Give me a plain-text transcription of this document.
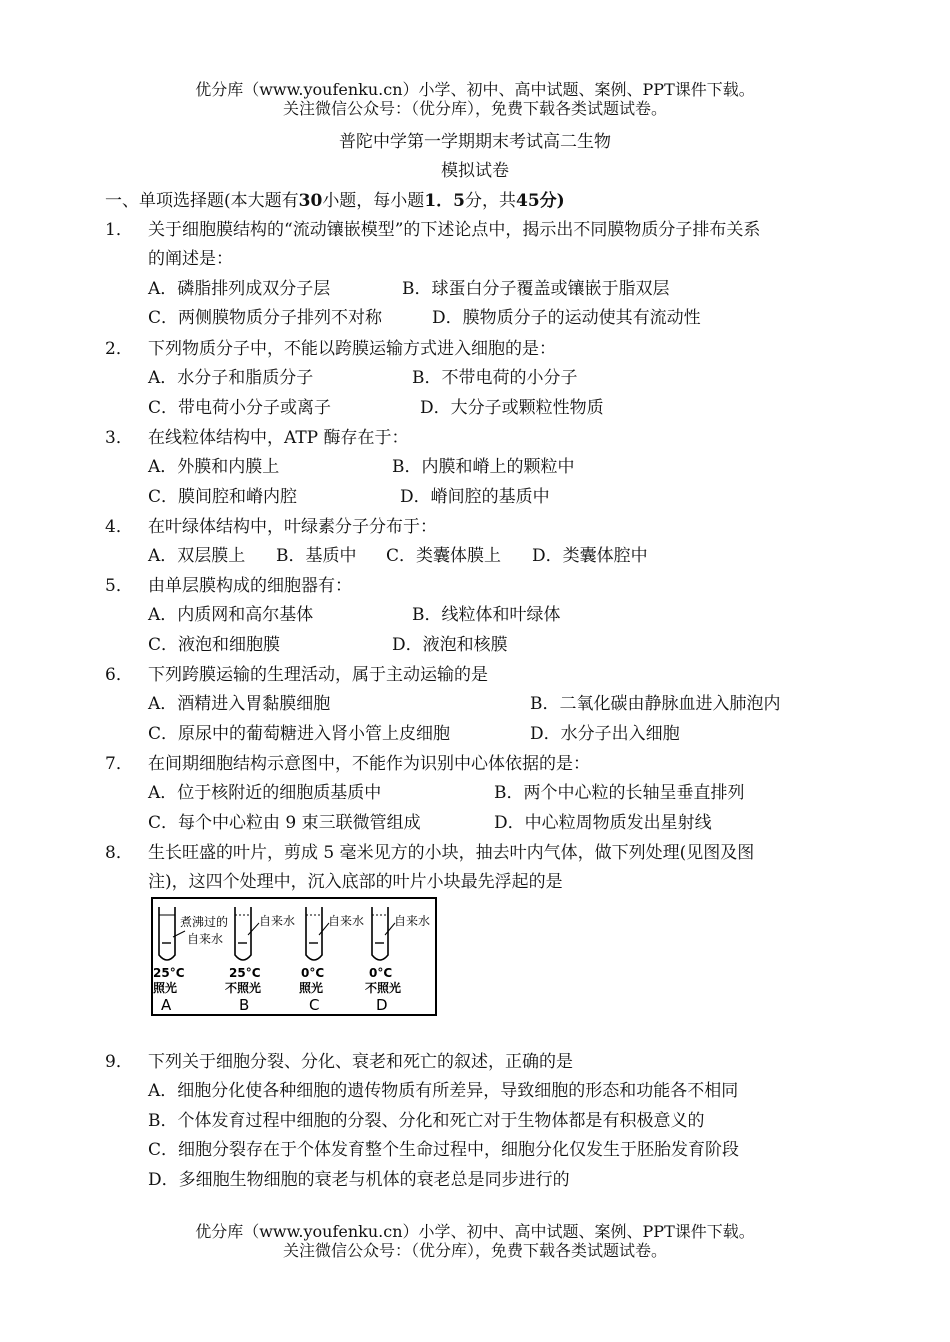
优分库（www.youfenku.cn）小学、初中、高中试题、案例、PPT课件下载。
关注微信公众号：（优分库），免费下载各类试题试卷。
普陀中学第一学期期末考试高二生物
模拟试卷
一、单项选择题(本大题有30小题，每小题1．5分，共45分)
1． 关于细胞膜结构的“流动镶嵌模型”的下述论点中，揭示出不同膜物质分子排布关系
的阐述是：
A．磷脂排列成双分子层	B．球蛋白分子覆盖或镶嵌于脂双层
C．两侧膜物质分子排列不对称	D．膜物质分子的运动使其有流动性
2． 下列物质分子中，不能以跨膜运输方式进入细胞的是：
A．水分子和脂质分子	B．不带电荷的小分子
C．带电荷小分子或离子	D．大分子或颗粒性物质
3． 在线粒体结构中，ATP 酶存在于：
A．外膜和内膜上	B．内膜和嵴上的颗粒中
C．膜间腔和嵴内腔	D．嵴间腔的基质中
4． 在叶绿体结构中，叶绿素分子分布于：
A．双层膜上 B．基质中 C．类囊体膜上 D．类囊体腔中
5． 由单层膜构成的细胞器有：
A．内质网和高尔基体	B．线粒体和叶绿体
C．液泡和细胞膜	D．液泡和核膜
6． 下列跨膜运输的生理活动，属于主动运输的是
A．酒精进入胃黏膜细胞	B．二氧化碳由静脉血进入肺泡内
C．原尿中的葡萄糖进入肾小管上皮细胞	D．水分子出入细胞
7． 在间期细胞结构示意图中，不能作为识别中心体依据的是：
A．位于核附近的细胞质基质中	B．两个中心粒的长轴呈垂直排列
C．每个中心粒由 9 束三联微管组成	D．中心粒周物质发出星射线
8． 生长旺盛的叶片，剪成 5 毫米见方的小块，抽去叶内气体，做下列处理(见图及图
注)，这四个处理中，沉入底部的叶片小块最先浮起的是
煮沸过的
自来水
自来水	自来水 自来水
25°C	25°C	0°C	0°C
照光	不照光	照光	不照光
A	B	C	D
9． 下列关于细胞分裂、分化、衰老和死亡的叙述，正确的是
A．细胞分化使各种细胞的遗传物质有所差异，导致细胞的形态和功能各不相同
B．个体发育过程中细胞的分裂、分化和死亡对于生物体都是有积极意义的
C．细胞分裂存在于个体发育整个生命过程中，细胞分化仅发生于胚胎发育阶段
D．多细胞生物细胞的衰老与机体的衰老总是同步进行的
优分库（www.youfenku.cn）小学、初中、高中试题、案例、PPT课件下载。
关注微信公众号：（优分库），免费下载各类试题试卷。
